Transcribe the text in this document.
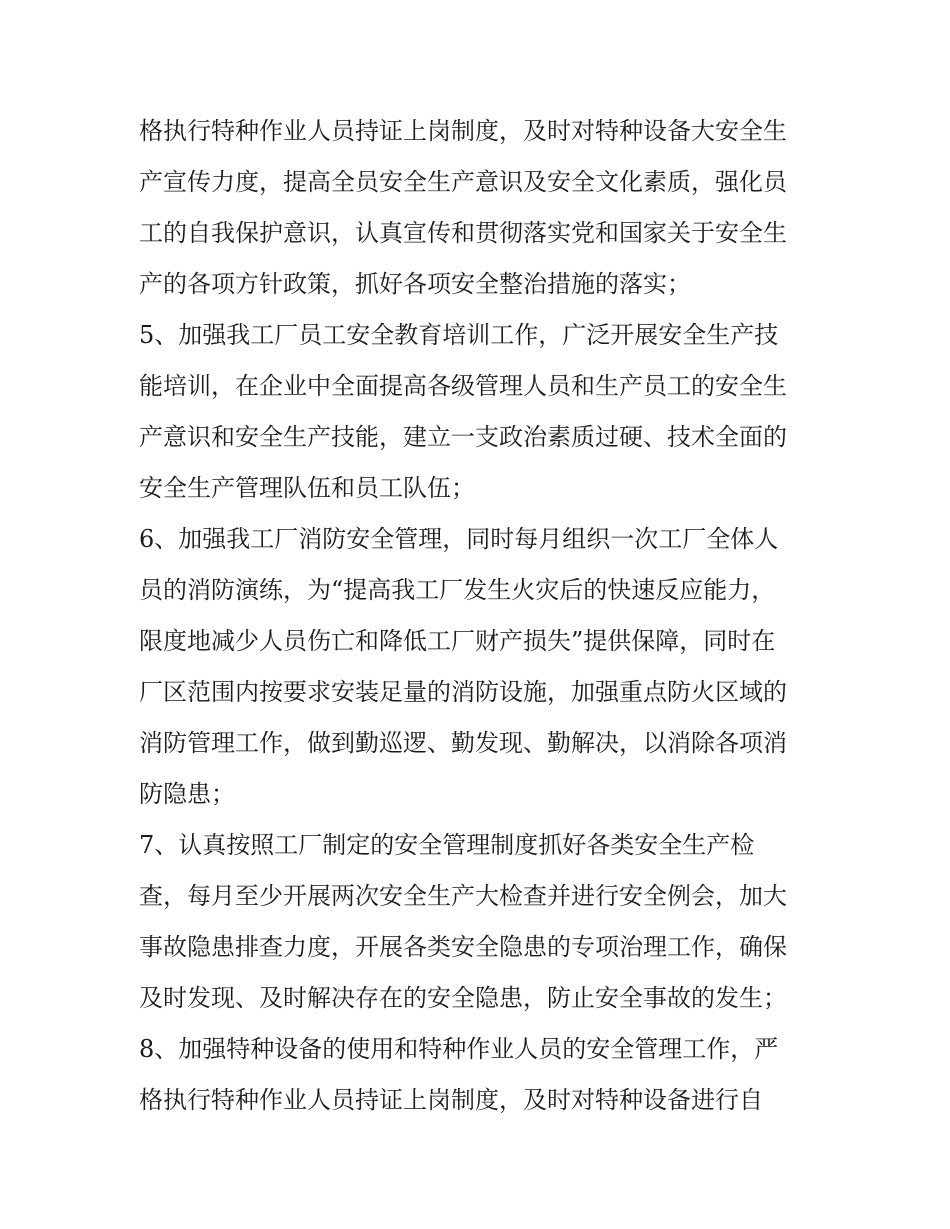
格执行特种作业人员持证上岗制度，及时对特种设备大安全生
产宣传力度，提高全员安全生产意识及安全文化素质，强化员
工的自我保护意识，认真宣传和贯彻落实党和国家关于安全生
产的各项方针政策，抓好各项安全整治措施的落实；
5、加强我工厂员工安全教育培训工作，广泛开展安全生产技
能培训，在企业中全面提高各级管理人员和生产员工的安全生
产意识和安全生产技能，建立一支政治素质过硬、技术全面的
安全生产管理队伍和员工队伍；
6、加强我工厂消防安全管理，同时每月组织一次工厂全体人
员的消防演练，为“提高我工厂发生火灾后的快速反应能力，
限度地减少人员伤亡和降低工厂财产损失”提供保障，同时在
厂区范围内按要求安装足量的消防设施，加强重点防火区域的
消防管理工作，做到勤巡逻、勤发现、勤解决，以消除各项消
防隐患；
7、认真按照工厂制定的安全管理制度抓好各类安全生产检
查，每月至少开展两次安全生产大检查并进行安全例会，加大
事故隐患排查力度，开展各类安全隐患的专项治理工作，确保
及时发现、及时解决存在的安全隐患，防止安全事故的发生；
8、加强特种设备的使用和特种作业人员的安全管理工作，严
格执行特种作业人员持证上岗制度，及时对特种设备进行自
